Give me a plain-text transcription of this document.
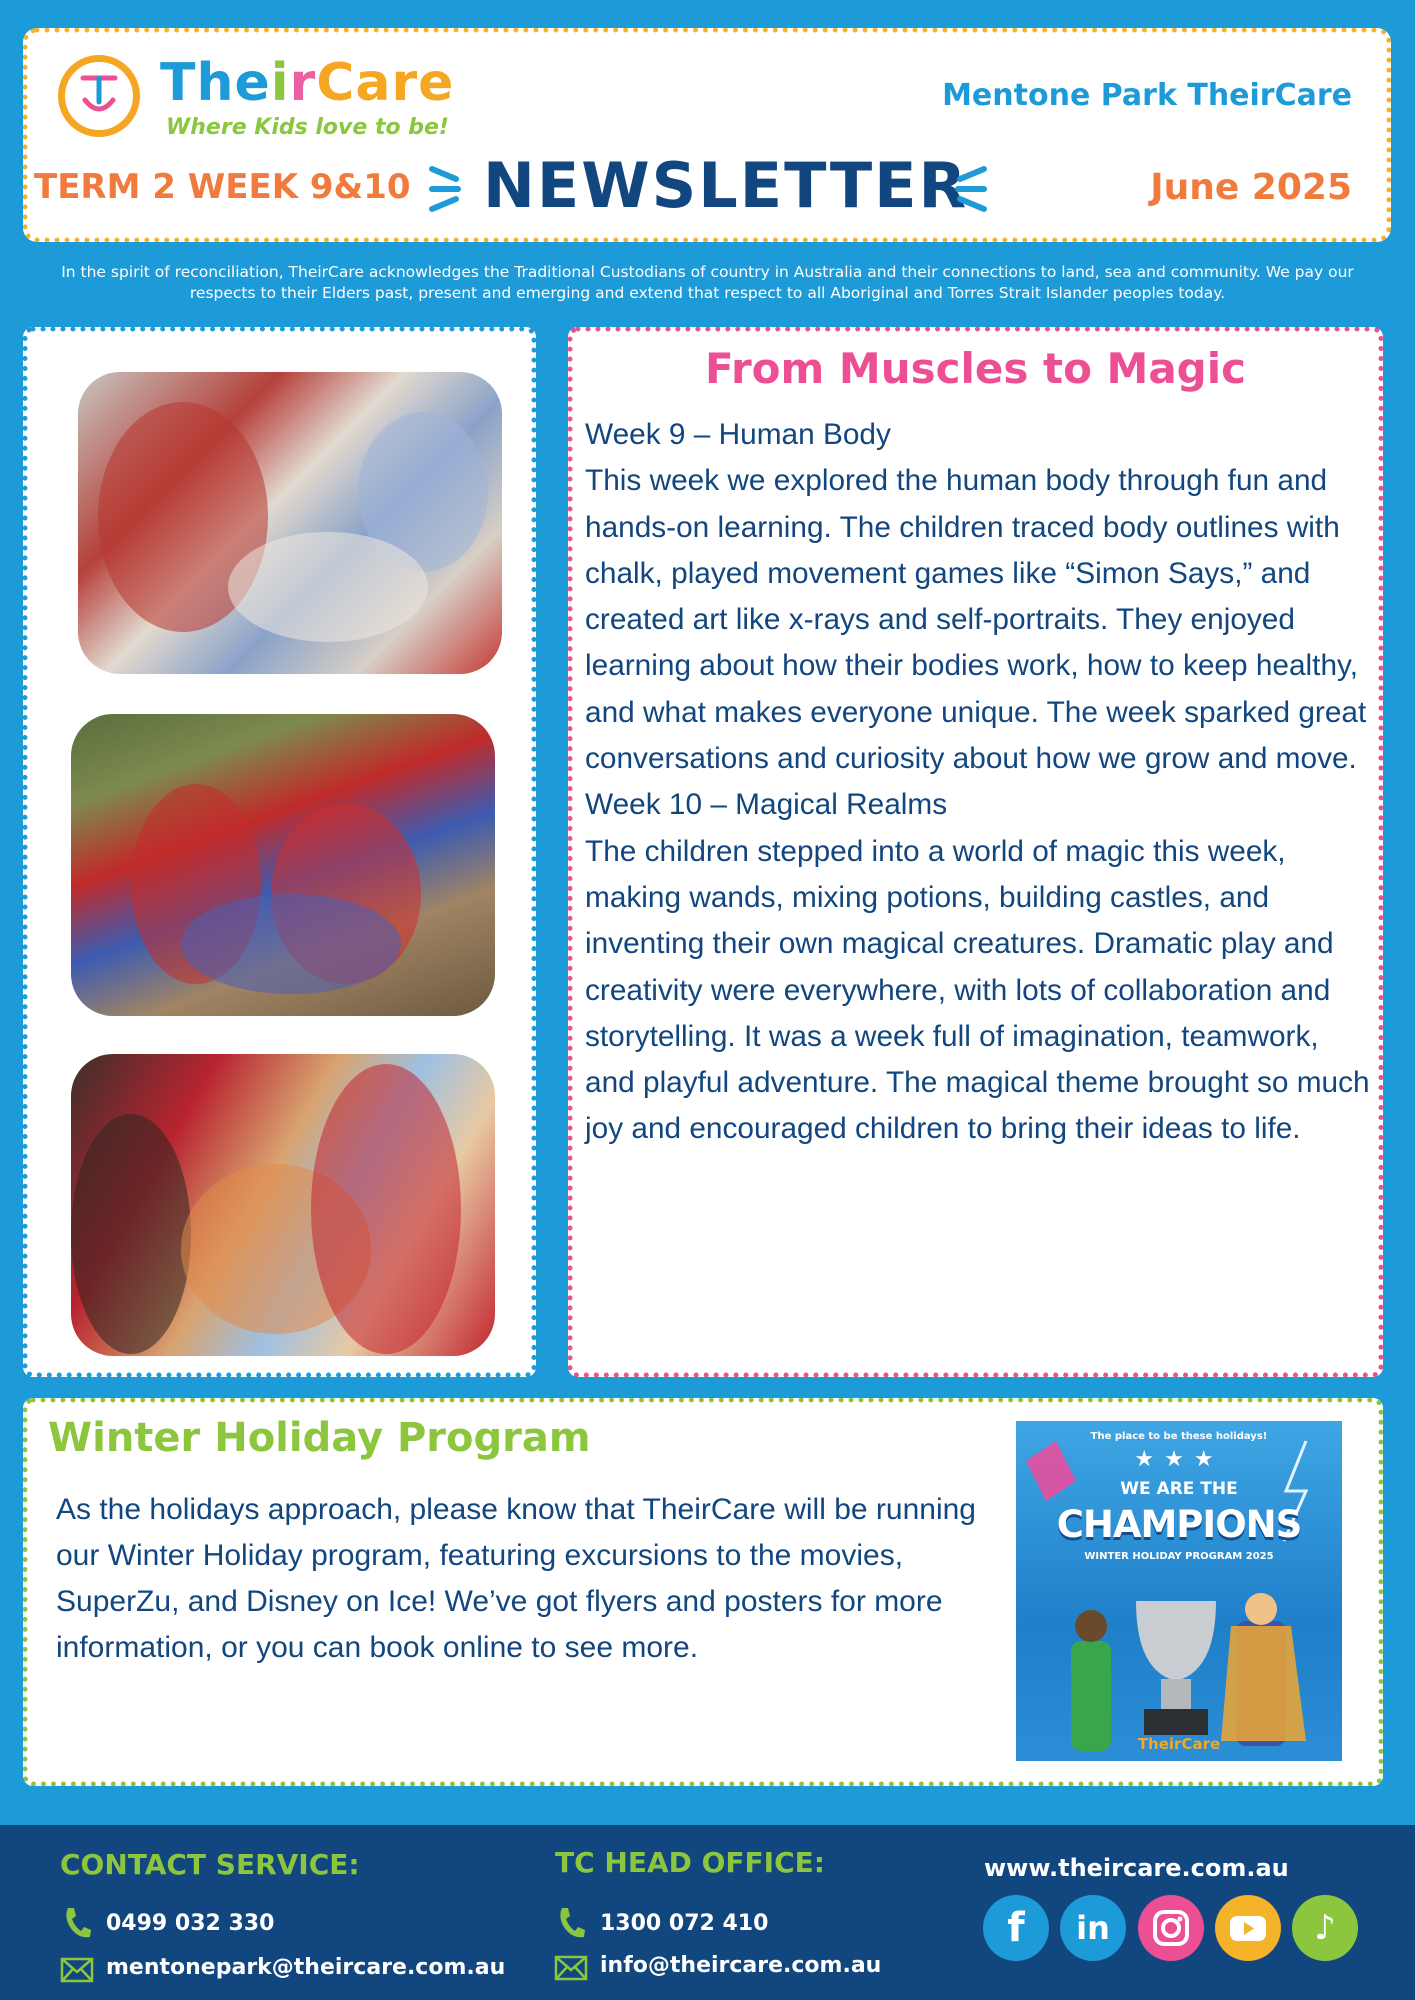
TheirCare
Where Kids love to be!
Mentone Park TheirCare
TERM 2 WEEK 9&10 NEWSLETTER	June 2025
In the spirit of reconciliation, TheirCare acknowledges the Traditional Custodians of country in Australia and their connections to land, sea and community. We pay our respects to their Elders past, present and emerging and extend that respect to all Aboriginal and Torres Strait Islander peoples today.
From Muscles to Magic
Week 9 – Human Body
This week we explored the human body through fun and hands-on learning. The children traced body outlines with chalk, played movement games like “Simon Says,” and created art like x-rays and self-portraits. They enjoyed learning about how their bodies work, how to keep healthy, and what makes everyone unique. The week sparked great conversations and curiosity about how we grow and move.
Week 10 – Magical Realms
The children stepped into a world of magic this week, making wands, mixing potions, building castles, and inventing their own magical creatures. Dramatic play and creativity were everywhere, with lots of collaboration and storytelling. It was a week full of imagination, teamwork, and playful adventure. The magical theme brought so much joy and encouraged children to bring their ideas to life.
Winter Holiday Program
As the holidays approach, please know that TheirCare will be running our Winter Holiday program, featuring excursions to the movies, SuperZu, and Disney on Ice! We’ve got flyers and posters for more information, or you can book online to see more.
The place to be these holidays!
★★★
WE ARE THE
CHAMPIONS
WINTER HOLIDAY PROGRAM 2025
TheirCare
CONTACT SERVICE:
0499 032 330
mentonepark@theircare.com.au
TC HEAD OFFICE:
1300 072 410
info@theircare.com.au
www.theircare.com.au
f	in	♪
